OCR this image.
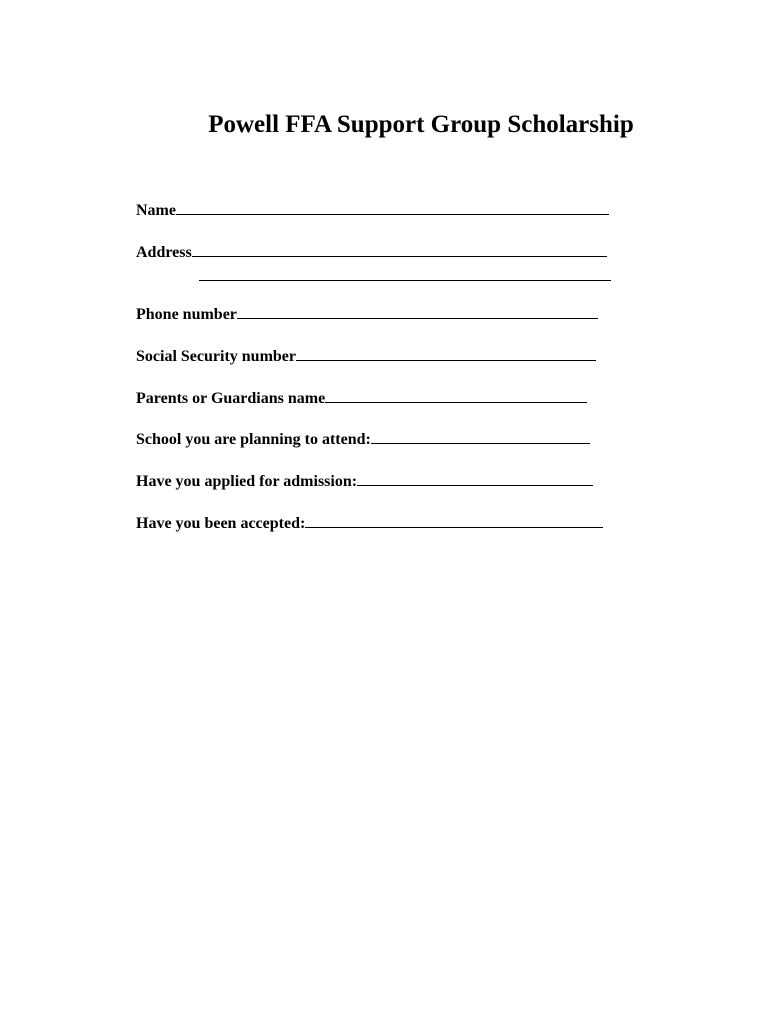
Powell FFA Support Group Scholarship
Name
Address
Phone number
Social Security number
Parents or Guardians name
School you are planning to attend:
Have you applied for admission:
Have you been accepted:
